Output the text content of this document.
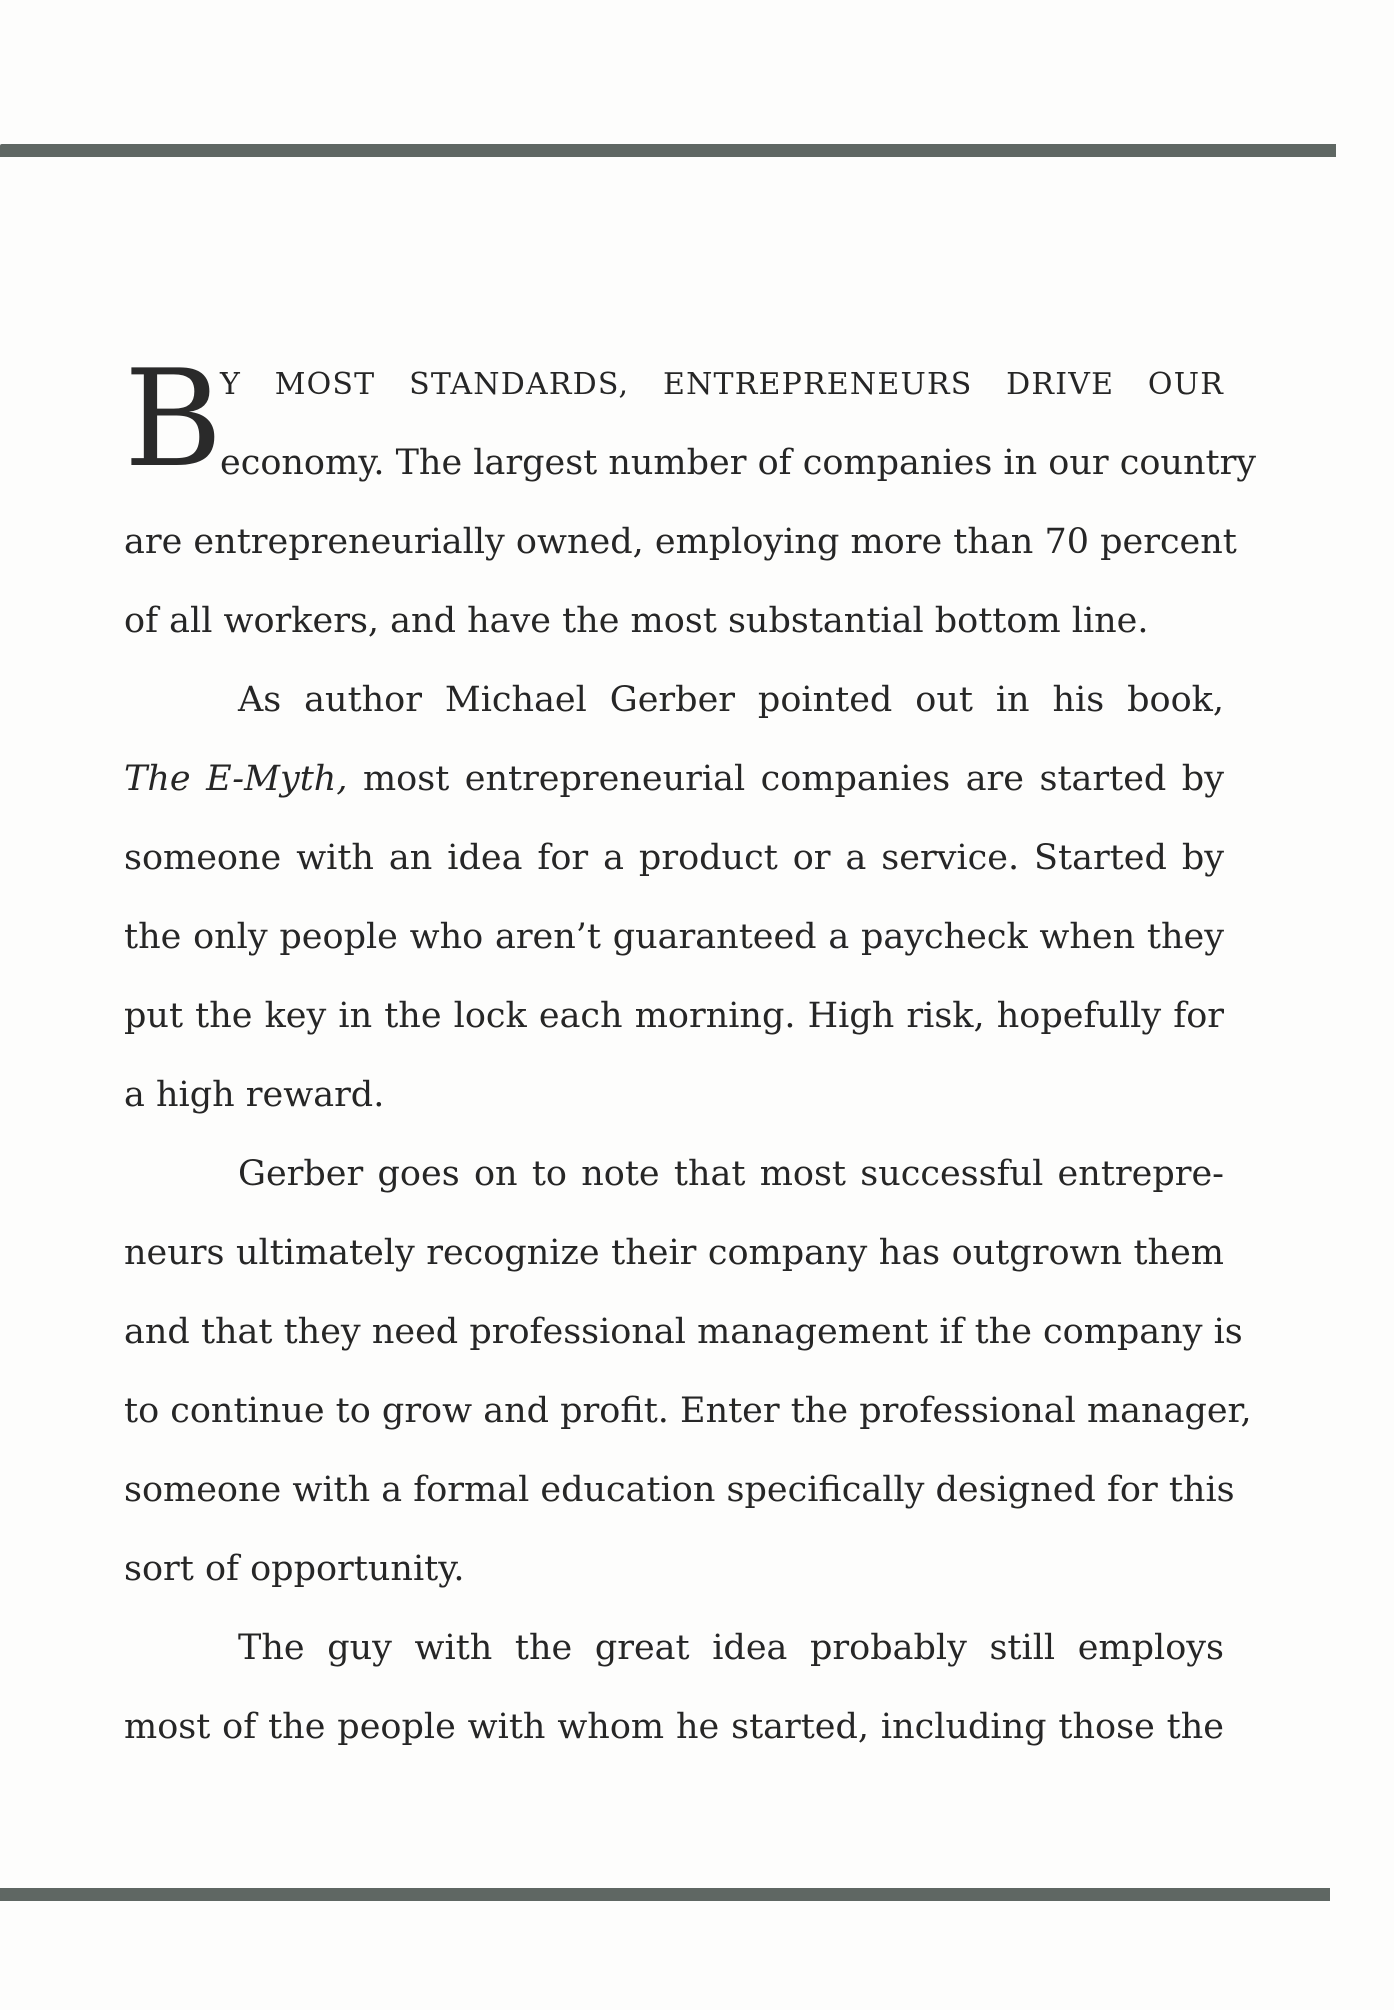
B
Y MOST STANDARDS, ENTREPRENEURS DRIVE OUR
economy. The largest number of companies in our country
are entrepreneurially owned, employing more than 70 percent
of all workers, and have the most substantial bottom line.
As author Michael Gerber pointed out in his book,
The E-Myth, most entrepreneurial companies are started by
someone with an idea for a product or a service. Started by
the only people who aren’t guaranteed a paycheck when they
put the key in the lock each morning. High risk, hopefully for
a high reward.
Gerber goes on to note that most successful entrepre-
neurs ultimately recognize their company has outgrown them
and that they need professional management if the company is
to continue to grow and profit. Enter the professional manager,
someone with a formal education specifically designed for this
sort of opportunity.
The guy with the great idea probably still employs
most of the people with whom he started, including those the
